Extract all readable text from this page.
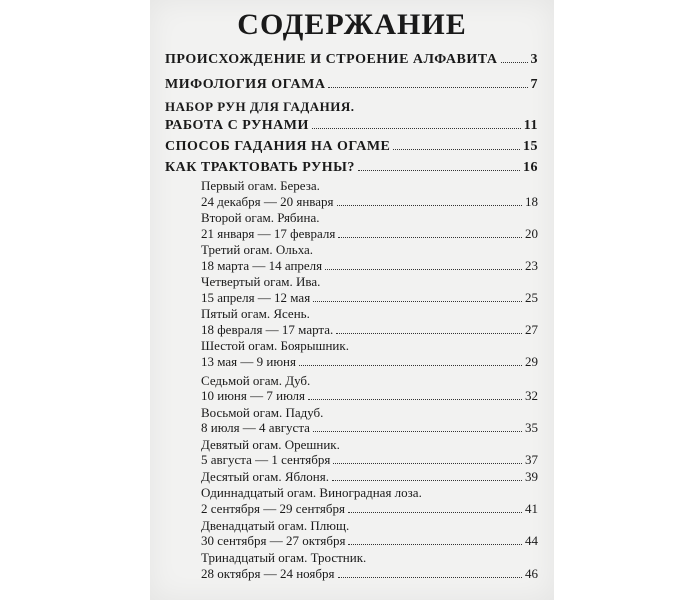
СОДЕРЖАНИЕ
ПРОИСХОЖДЕНИЕ И СТРОЕНИЕ АЛФАВИТА 3
МИФОЛОГИЯ ОГАМА	7
НАБОР РУН ДЛЯ ГАДАНИЯ.
РАБОТА С РУНАМИ	11
СПОСОБ ГАДАНИЯ НА ОГАМЕ	15
КАК ТРАКТОВАТЬ РУНЫ?	16
Первый огам. Береза.
24 декабря — 20 января	18
Второй огам. Рябина.
21 января — 17 февраля	20
Третий огам. Ольха.
18 марта — 14 апреля	23
Четвертый огам. Ива.
15 апреля — 12 мая	25
Пятый огам. Ясень.
18 февраля — 17 марта.	27
Шестой огам. Боярышник.
13 мая — 9 июня	29
Седьмой огам. Дуб.
10 июня — 7 июля	32
Восьмой огам. Падуб.
8 июля — 4 августа	35
Девятый огам. Орешник.
5 августа — 1 сентября	37
Десятый огам. Яблоня.	39
Одиннадцатый огам. Виноградная лоза.
2 сентября — 29 сентября	41
Двенадцатый огам. Плющ.
30 сентября — 27 октября	44
Тринадцатый огам. Тростник.
28 октября — 24 ноября	46
